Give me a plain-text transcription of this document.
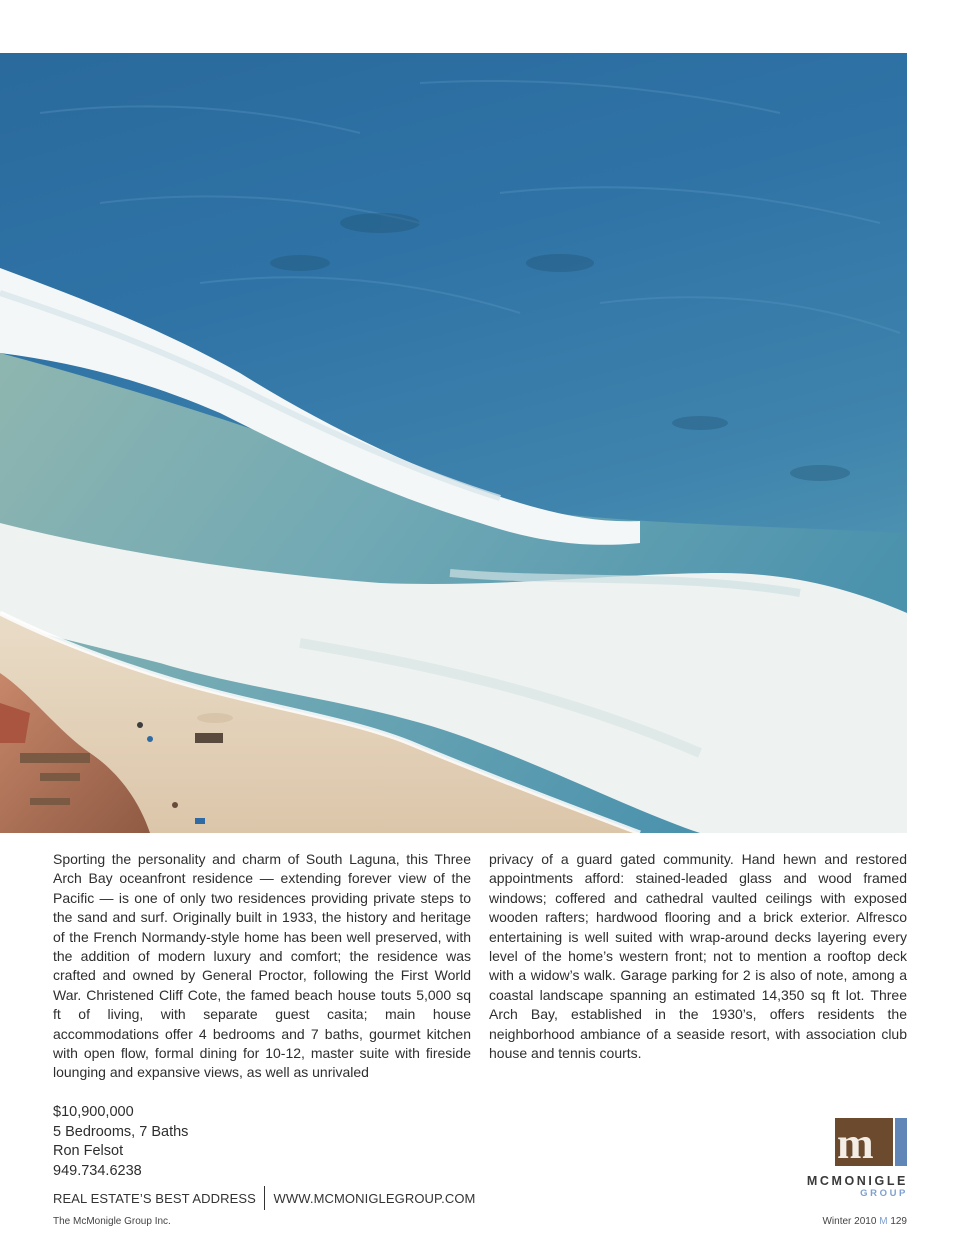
Sporting the personality and charm of South Laguna, this Three Arch Bay oceanfront residence — extending forever view of the Pacific — is one of only two residences providing private steps to the sand and surf. Originally built in 1933, the history and heritage of the French Normandy-style home has been well preserved, with the addition of modern luxury and comfort; the residence was crafted and owned by General Proctor, following the First World War. Christened Cliff Cote, the famed beach house touts 5,000 sq ft of living, with separate guest casita; main house accommodations offer 4 bedrooms and 7 baths, gourmet kitchen with open flow, formal dining for 10-12, master suite with fireside lounging and expansive views, as well as unrivaled
privacy of a guard gated community. Hand hewn and restored appointments afford: stained-leaded glass and wood framed windows; coffered and cathedral vaulted ceilings with exposed wooden rafters; hardwood flooring and a brick exterior. Alfresco entertaining is well suited with wrap-around decks layering every level of the home’s western front; not to mention a rooftop deck with a widow’s walk. Garage parking for 2 is also of note, among a coastal landscape spanning an estimated 14,350 sq ft lot. Three Arch Bay, established in the 1930’s, offers residents the neighborhood ambiance of a seaside resort, with association club house and tennis courts.
$10,900,000
5 Bedrooms, 7 Baths
Ron Felsot
949.734.6238
REAL ESTATE’S BEST ADDRESS WWW.MCMONIGLEGROUP.COM
m
MCMONIGLE
GROUP
The McMonigle Group Inc.	Winter 2010 M 129
